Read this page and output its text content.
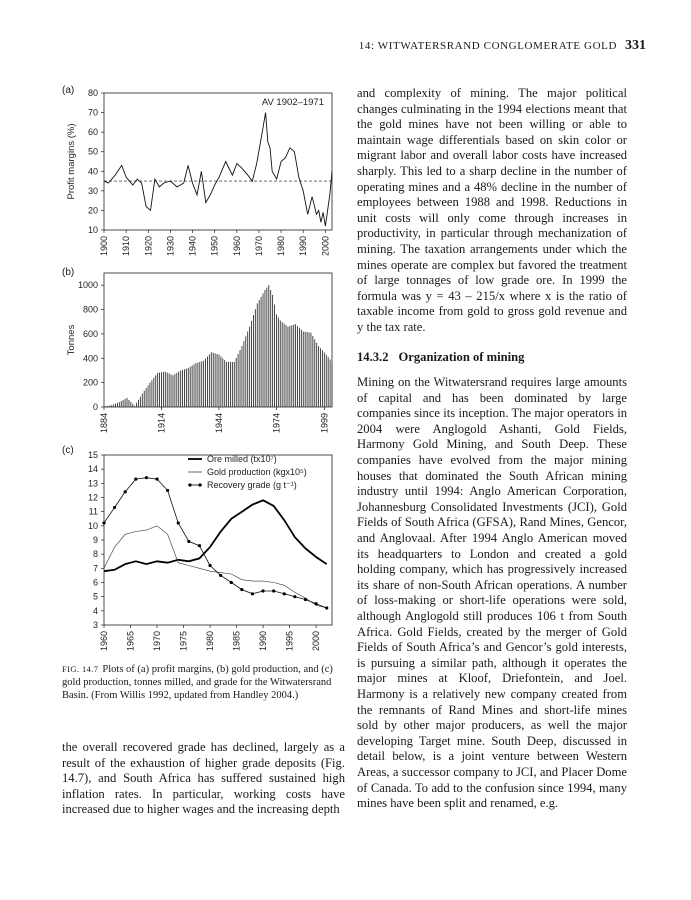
14: WITWATERSRAND CONGLOMERATE GOLD 331
(a)
10
20
30
40
50
60
70
80
1900 1910 1920 1930 1940 1950 1960 1970 1980 1990 2000
Profit margins (%)
AV 1902–1971
(b)
0
200
400
600
800
1000
1884	1914	1944	1974	1999
Tonnes
(c)
3
4
5
6
7
8
9
10
11
12
13
14
15
1960 1965 1970 1975 1980 1985 1990 1995 2000
Ore milled (tx10⁷)
Gold production (kgx10⁵)
Recovery grade (g t⁻¹)
FIG. 14.7 Plots of (a) profit margins, (b) gold production, and (c) gold production, tonnes milled, and grade for the Witwatersrand Basin. (From Willis 1992, updated from Handley 2004.)

the overall recovered grade has declined, largely as a result of the exhaustion of higher grade deposits (Fig. 14.7), and South Africa has suffered sustained high inflation rates. In particular, working costs have increased due to higher wages and the increasing depth

and complexity of mining. The major political changes culminating in the 1994 elections meant that the gold mines have not been willing or able to maintain wage differentials based on skin color or migrant labor and overall labor costs have increased sharply. This led to a sharp decline in the number of operating mines and a 48% decline in the number of employees between 1988 and 1998. Reductions in unit costs will only come through increases in productivity, in particular through mechanization of mining. The taxation arrangements under which the mines operate are complex but favored the treatment of large tonnages of low grade ore. In 1999 the formula was y = 43 – 215/x where x is the ratio of taxable income from gold to gross gold revenue and y the tax rate.

14.3.2 Organization of mining

Mining on the Witwatersrand requires large amounts of capital and has been dominated by large companies since its inception. The major operators in 2004 were Anglogold Ashanti, Gold Fields, Harmony Gold Mining, and South Deep. These companies have evolved from the major mining houses that dominated the South African mining industry until 1994: Anglo American Corporation, Johannesburg Consolidated Investments (JCI), Gold Fields of South Africa (GFSA), Rand Mines, Gencor, and Anglovaal. After 1994 Anglo American moved its headquarters to London and created a gold holding company, which has progressively increased its share of non-South African operations. A number of loss-making or short-life operations were sold, although Anglogold still produces 106 t from South Africa. Gold Fields, created by the merger of Gold Fields of South Africa’s and Gencor’s gold interests, is pursuing a similar path, although it operates the major mines at Kloof, Driefontein, and Joel. Harmony is a relatively new company created from the remnants of Rand Mines and short-life mines sold by other major producers, as well the major developing Target mine. South Deep, discussed in detail below, is a joint venture between Western Areas, a successor company to JCI, and Placer Dome of Canada. To add to the confusion since 1994, many mines have been split and renamed, e.g.
